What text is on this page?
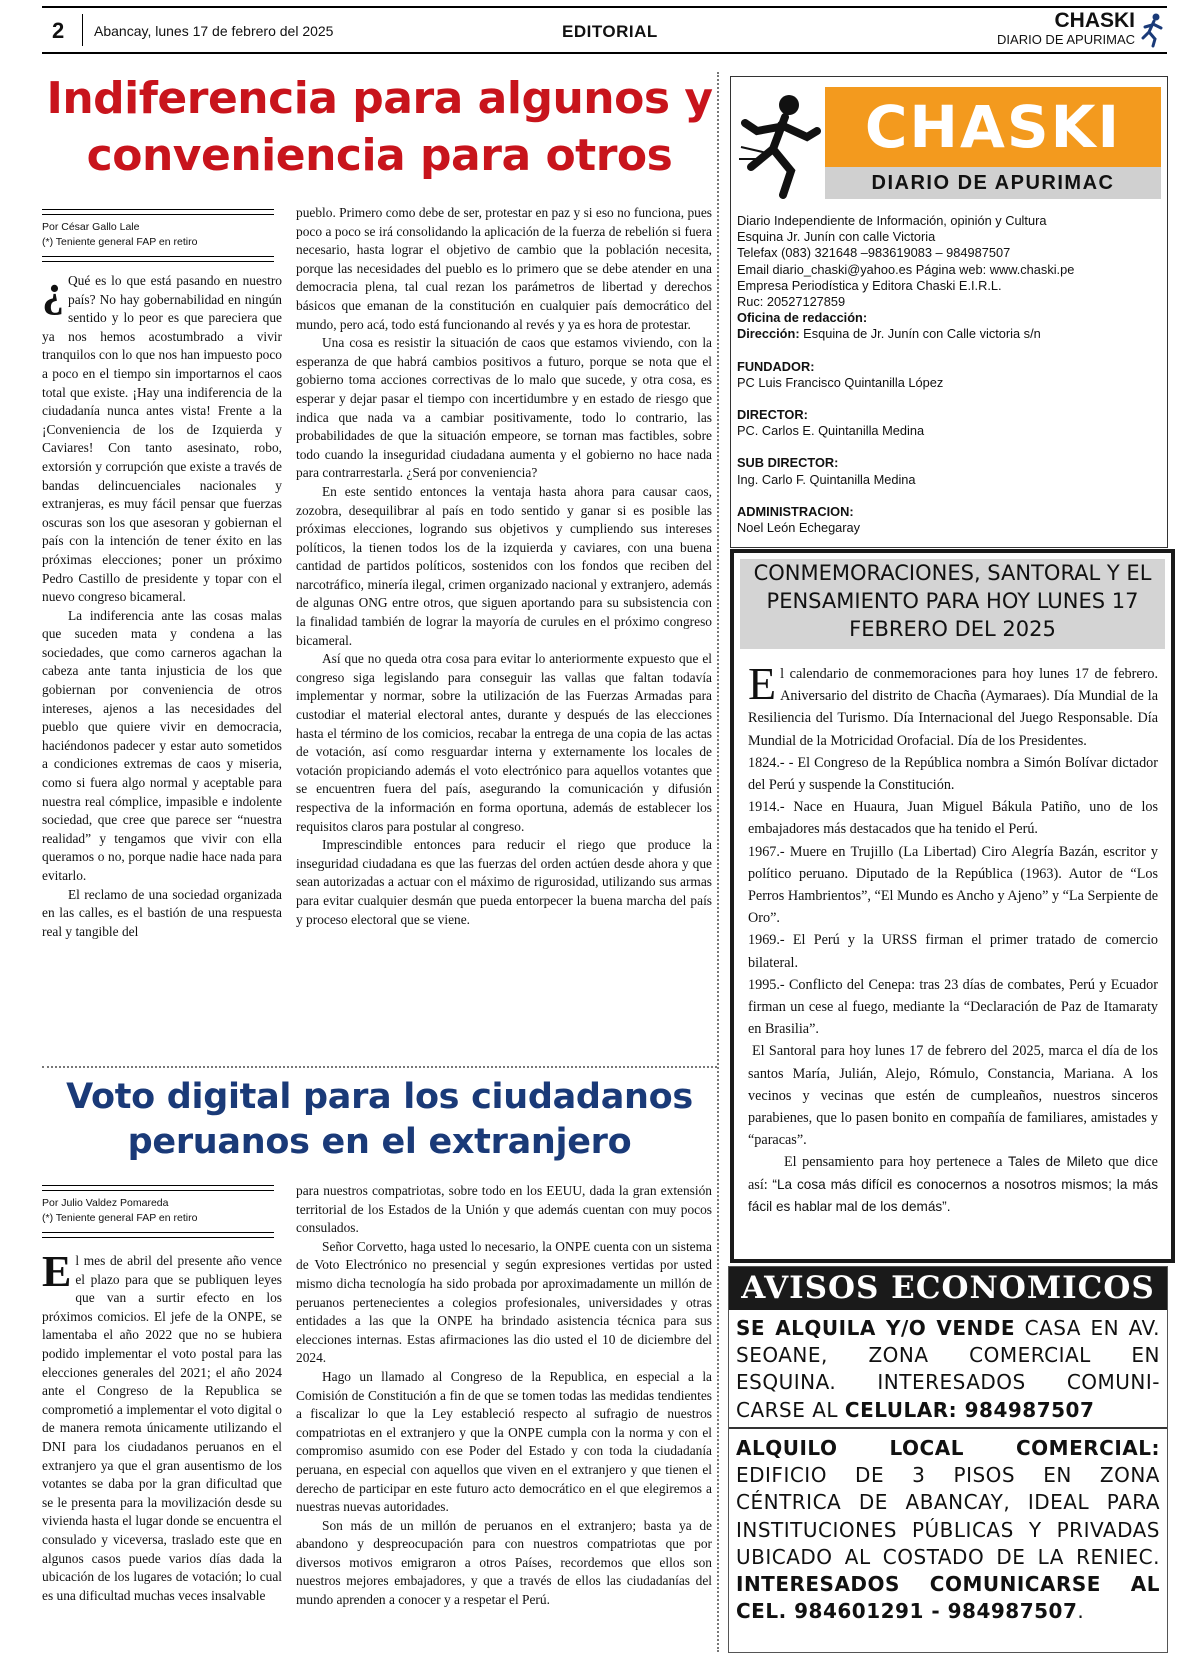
2 Abancay, lunes 17 de febrero del 2025	EDITORIAL	CHASKI
DIARIO DE APURIMAC
Indiferencia para algunos y
conveniencia para otros
Por César Gallo Lale
(*) Teniente general FAP en retiro

¿ Qué es lo que está pasando en nuestro país? No hay gobernabilidad en ningún sentido y lo peor es que pareciera que ya nos hemos acostumbrado a vivir tranquilos con lo que nos han impuesto poco a poco en el tiempo sin importarnos el caos total que existe. ¡Hay una indiferencia de la ciudadanía nunca antes vista! Frente a la ¡Conveniencia de los de Izquierda y Caviares! Con tanto asesinato, robo, extorsión y corrupción que existe a través de bandas delincuenciales nacionales y extranjeras, es muy fácil pensar que fuerzas oscuras son los que asesoran y gobiernan el país con la intención de tener éxito en las próximas elecciones; poner un próximo Pedro Castillo de presidente y topar con el nuevo congreso bicameral.

La indiferencia ante las cosas malas que suceden mata y condena a las sociedades, que como carneros agachan la cabeza ante tanta injusticia de los que gobiernan por conveniencia de otros intereses, ajenos a las necesidades del pueblo que quiere vivir en democracia, haciéndonos padecer y estar auto sometidos a condiciones extremas de caos y miseria, como si fuera algo normal y aceptable para nuestra real cómplice, impasible e indolente sociedad, que cree que parece ser “nuestra realidad” y tengamos que vivir con ella queramos o no, porque nadie hace nada para evitarlo.

El reclamo de una sociedad organizada en las calles, es el bastión de una respuesta real y tangible del

pueblo. Primero como debe de ser, protestar en paz y si eso no funciona, pues poco a poco se irá consolidando la aplicación de la fuerza de rebelión si fuera necesario, hasta lograr el objetivo de cambio que la población necesita, porque las necesidades del pueblo es lo primero que se debe atender en una democracia plena, tal cual rezan los parámetros de libertad y derechos básicos que emanan de la constitución en cualquier país democrático del mundo, pero acá, todo está funcionando al revés y ya es hora de protestar.

Una cosa es resistir la situación de caos que estamos viviendo, con la esperanza de que habrá cambios positivos a futuro, porque se nota que el gobierno toma acciones correctivas de lo malo que sucede, y otra cosa, es esperar y dejar pasar el tiempo con incertidumbre y en estado de riesgo que indica que nada va a cambiar positivamente, todo lo contrario, las probabilidades de que la situación empeore, se tornan mas factibles, sobre todo cuando la inseguridad ciudadana aumenta y el gobierno no hace nada para contrarrestarla. ¿Será por conveniencia?

En este sentido entonces la ventaja hasta ahora para causar caos, zozobra, desequilibrar al país en todo sentido y ganar si es posible las próximas elecciones, logrando sus objetivos y cumpliendo sus intereses políticos, la tienen todos los de la izquierda y caviares, con una buena cantidad de partidos políticos, sostenidos con los fondos que reciben del narcotráfico, minería ilegal, crimen organizado nacional y extranjero, además de algunas ONG entre otros, que siguen aportando para su subsistencia con la finalidad también de lograr la mayoría de curules en el próximo congreso bicameral.

Así que no queda otra cosa para evitar lo anteriormente expuesto que el congreso siga legislando para conseguir las vallas que faltan todavía implementar y normar, sobre la utilización de las Fuerzas Armadas para custodiar el material electoral antes, durante y después de las elecciones hasta el término de los comicios, recabar la entrega de una copia de las actas de votación, así como resguardar interna y externamente los locales de votación propiciando además el voto electrónico para aquellos votantes que se encuentren fuera del país, asegurando la comunicación y difusión respectiva de la información en forma oportuna, además de establecer los requisitos claros para postular al congreso.

Imprescindible entonces para reducir el riego que produce la inseguridad ciudadana es que las fuerzas del orden actúen desde ahora y que sean autorizadas a actuar con el máximo de rigurosidad, utilizando sus armas para evitar cualquier desmán que pueda entorpecer la buena marcha del país y proceso electoral que se viene.

Voto digital para los ciudadanos
peruanos en el extranjero
Por Julio Valdez Pomareda
(*) Teniente general FAP en retiro

El mes de abril del presente año vence el plazo para que se publiquen leyes que van a surtir efecto en los próximos comicios. El jefe de la ONPE, se lamentaba el año 2022 que no se hubiera podido implementar el voto postal para las elecciones generales del 2021; el año 2024 ante el Congreso de la Republica se comprometió a implementar el voto digital o de manera remota únicamente utilizando el DNI para los ciudadanos peruanos en el extranjero ya que el gran ausentismo de los votantes se daba por la gran dificultad que se le presenta para la movilización desde su vivienda hasta el lugar donde se encuentra el consulado y viceversa, traslado este que en algunos casos puede varios días dada la ubicación de los lugares de votación; lo cual es una dificultad muchas veces insalvable

para nuestros compatriotas, sobre todo en los EEUU, dada la gran extensión territorial de los Estados de la Unión y que además cuentan con muy pocos consulados.

Señor Corvetto, haga usted lo necesario, la ONPE cuenta con un sistema de Voto Electrónico no presencial y según expresiones vertidas por usted mismo dicha tecnología ha sido probada por aproximadamente un millón de peruanos pertenecientes a colegios profesionales, universidades y otras entidades a las que la ONPE ha brindado asistencia técnica para sus elecciones internas. Estas afirmaciones las dio usted el 10 de diciembre del 2024.

Hago un llamado al Congreso de la Republica, en especial a la Comisión de Constitución a fin de que se tomen todas las medidas tendientes a fiscalizar lo que la Ley estableció respecto al sufragio de nuestros compatriotas en el extranjero y que la ONPE cumpla con la norma y con el compromiso asumido con ese Poder del Estado y con toda la ciudadanía peruana, en especial con aquellos que viven en el extranjero y que tienen el derecho de participar en este futuro acto democrático en el que elegiremos a nuestras nuevas autoridades.

Son más de un millón de peruanos en el extranjero; basta ya de abandono y despreocupación para con nuestros compatriotas que por diversos motivos emigraron a otros Países, recordemos que ellos son nuestros mejores embajadores, y que a través de ellos las ciudadanías del mundo aprenden a conocer y a respetar el Perú.

CHASKI
DIARIO DE APURIMAC
Diario Independiente de Información, opinión y Cultura
Esquina Jr. Junín con calle Victoria
Telefax (083) 321648 –983619083 – 984987507
Email diario_chaski@yahoo.es Página web: www.chaski.pe
Empresa Periodística y Editora Chaski E.I.R.L.
Ruc: 20527127859
Oficina de redacción:
Dirección: Esquina de Jr. Junín con Calle victoria s/n
FUNDADOR:
PC Luis Francisco Quintanilla López
DIRECTOR:
PC. Carlos E. Quintanilla Medina
SUB DIRECTOR:
Ing. Carlo F. Quintanilla Medina
ADMINISTRACION:
Noel León Echegaray
CONMEMORACIONES, SANTORAL Y EL
PENSAMIENTO PARA HOY LUNES 17
FEBRERO DEL 2025

El calendario de conmemoraciones para hoy lunes 17 de febrero. Aniversario del distrito de Chacña (Aymaraes). Día Mundial de la Resiliencia del Turismo. Día Internacional del Juego Responsable. Día Mundial de la Motricidad Orofacial. Día de los Presidentes.

1824.- - El Congreso de la República nombra a Simón Bolívar dictador del Perú y suspende la Constitución.

1914.- Nace en Huaura, Juan Miguel Bákula Patiño, uno de los embajadores más destacados que ha tenido el Perú.

1967.- Muere en Trujillo (La Libertad) Ciro Alegría Bazán, escritor y político peruano. Diputado de la República (1963). Autor de “Los Perros Hambrientos”, “El Mundo es Ancho y Ajeno” y “La Serpiente de Oro”.

1969.- El Perú y la URSS firman el primer tratado de comercio bilateral.

1995.- Conflicto del Cenepa: tras 23 días de combates, Perú y Ecuador firman un cese al fuego, mediante la “Declaración de Paz de Itamaraty en Brasilia”.

El Santoral para hoy lunes 17 de febrero del 2025, marca el día de los santos María, Julián, Alejo, Rómulo, Constancia, Mariana. A los vecinos y vecinas que estén de cumpleaños, nuestros sinceros parabienes, que lo pasen bonito en compañía de familiares, amistades y “paracas”.

El pensamiento para hoy pertenece a Tales de Mileto que dice así: “La cosa más difícil es conocernos a nosotros mismos; la más fácil es hablar mal de los demás”.

AVISOS ECONOMICOS
SE ALQUILA Y/O VENDE CASA EN AV. SEOANE, ZONA COMERCIAL EN ESQUINA. INTERESADOS COMUNI-CARSE AL CELULAR: 984987507
ALQUILO LOCAL COMERCIAL: EDIFICIO DE 3 PISOS EN ZONA CÉNTRICA DE ABANCAY, IDEAL PARA INSTITUCIONES PÚBLICAS Y PRIVADAS UBICADO AL COSTADO DE LA RENIEC. INTERESADOS COMUNICARSE AL CEL. 984601291 - 984987507.
